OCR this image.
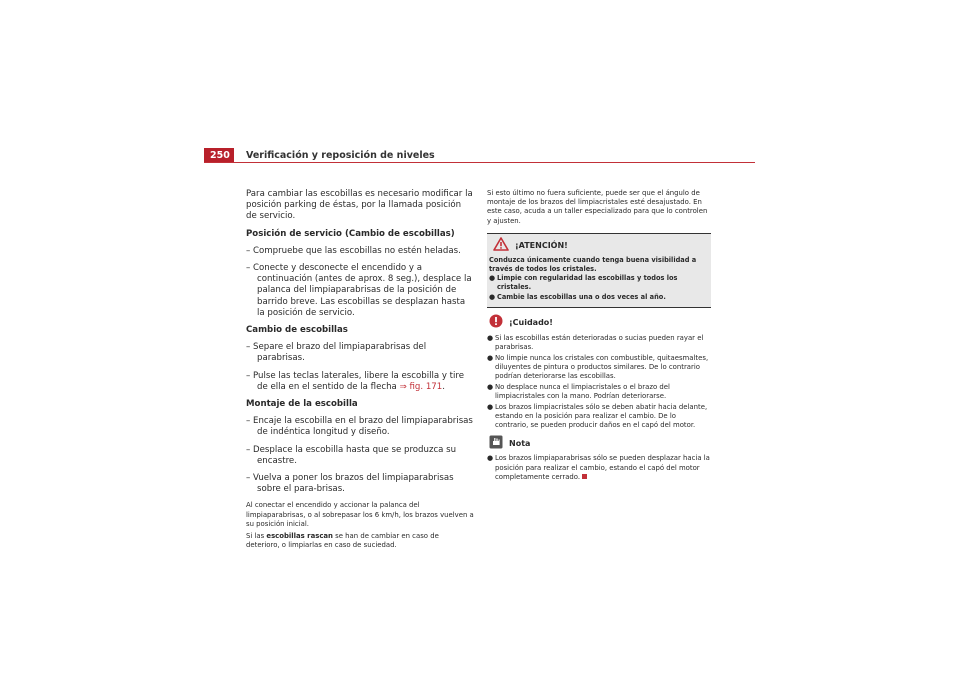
250	Verificación y reposición de niveles

Para cambiar las escobillas es necesario modificar la posición parking de éstas, por la llamada posición de servicio.

Posición de servicio (Cambio de escobillas)

– Compruebe que las escobillas no estén heladas.

– Conecte y desconecte el encendido y a continuación (antes de aprox. 8 seg.), desplace la palanca del limpiaparabrisas de la posición de barrido breve. Las escobillas se desplazan hasta la posición de servicio.

Cambio de escobillas

– Separe el brazo del limpiaparabrisas del parabrisas.

– Pulse las teclas laterales, libere la escobilla y tire de ella en el sentido de la flecha ⇒ fig. 171.

Montaje de la escobilla

– Encaje la escobilla en el brazo del limpiaparabrisas de indéntica longitud y diseño.

– Desplace la escobilla hasta que se produzca su encastre.

– Vuelva a poner los brazos del limpiaparabrisas sobre el para-brisas.

Al conectar el encendido y accionar la palanca del limpiaparabrisas, o al sobrepasar los 6 km/h, los brazos vuelven a su posición inicial.

Si las escobillas rascan se han de cambiar en caso de deterioro, o limpiarlas en caso de suciedad.

Si esto último no fuera suficiente, puede ser que el ángulo de montaje de los brazos del limpiacristales esté desajustado. En este caso, acuda a un taller especializado para que lo controlen y ajusten.

¡ATENCIÓN!

Conduzca únicamente cuando tenga buena visibilidad a través de todos los cristales.

● Limpie con regularidad las escobillas y todos los cristales.
● Cambie las escobillas una o dos veces al año.
¡Cuidado!
● Si las escobillas están deterioradas o sucias pueden rayar el parabrisas.
● No limpie nunca los cristales con combustible, quitaesmaltes, diluyentes de pintura o productos similares. De lo contrario podrían deteriorarse las escobillas.
● No desplace nunca el limpiacristales o el brazo del limpiacristales con la mano. Podrían deteriorarse.
● Los brazos limpiacristales sólo se deben abatir hacia delante, estando en la posición para realizar el cambio. De lo contrario, se pueden producir daños en el capó del motor.
Nota
● Los brazos limpiaparabrisas sólo se pueden desplazar hacia la posición para realizar el cambio, estando el capó del motor completamente cerrado.
